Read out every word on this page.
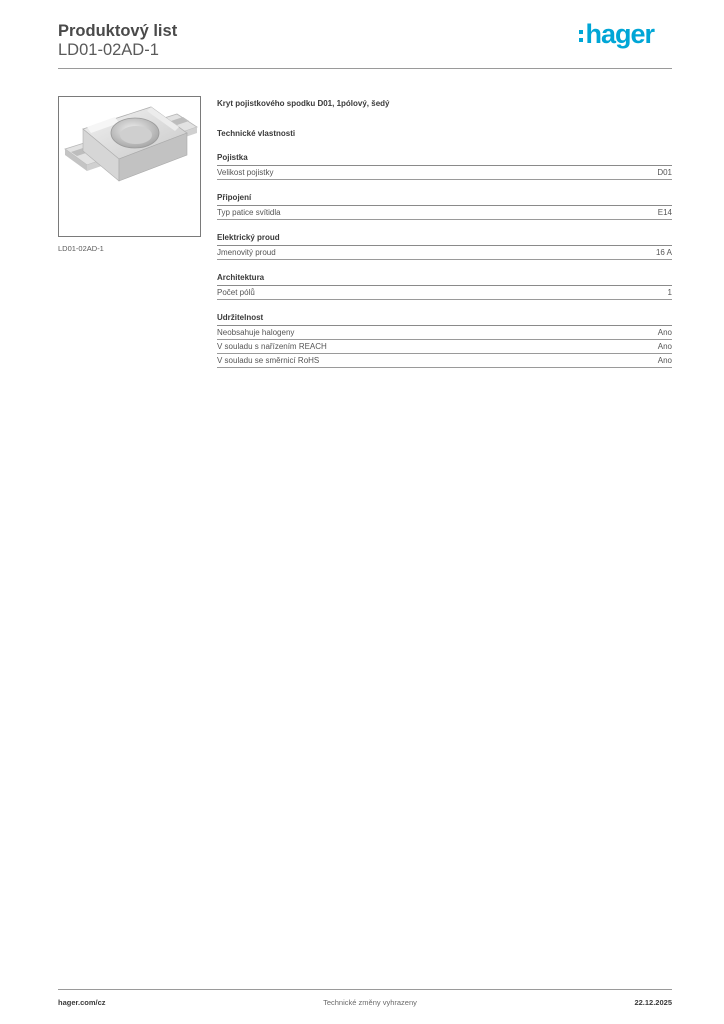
Produktový list
LD01-02AD-1
hager
LD01-02AD-1
Kryt pojistkového spodku D01, 1pólový, šedý
Technické vlastnosti
Pojistka
Velikost pojistky	D01
Připojení
Typ patice svítidla	E14
Elektrický proud
Jmenovitý proud	16 A
Architektura
Počet pólů	1
Udržitelnost
Neobsahuje halogeny	Ano
V souladu s nařízením REACH	Ano
V souladu se směrnicí RoHS	Ano
hager.com/cz	Technické změny vyhrazeny	22.12.2025
